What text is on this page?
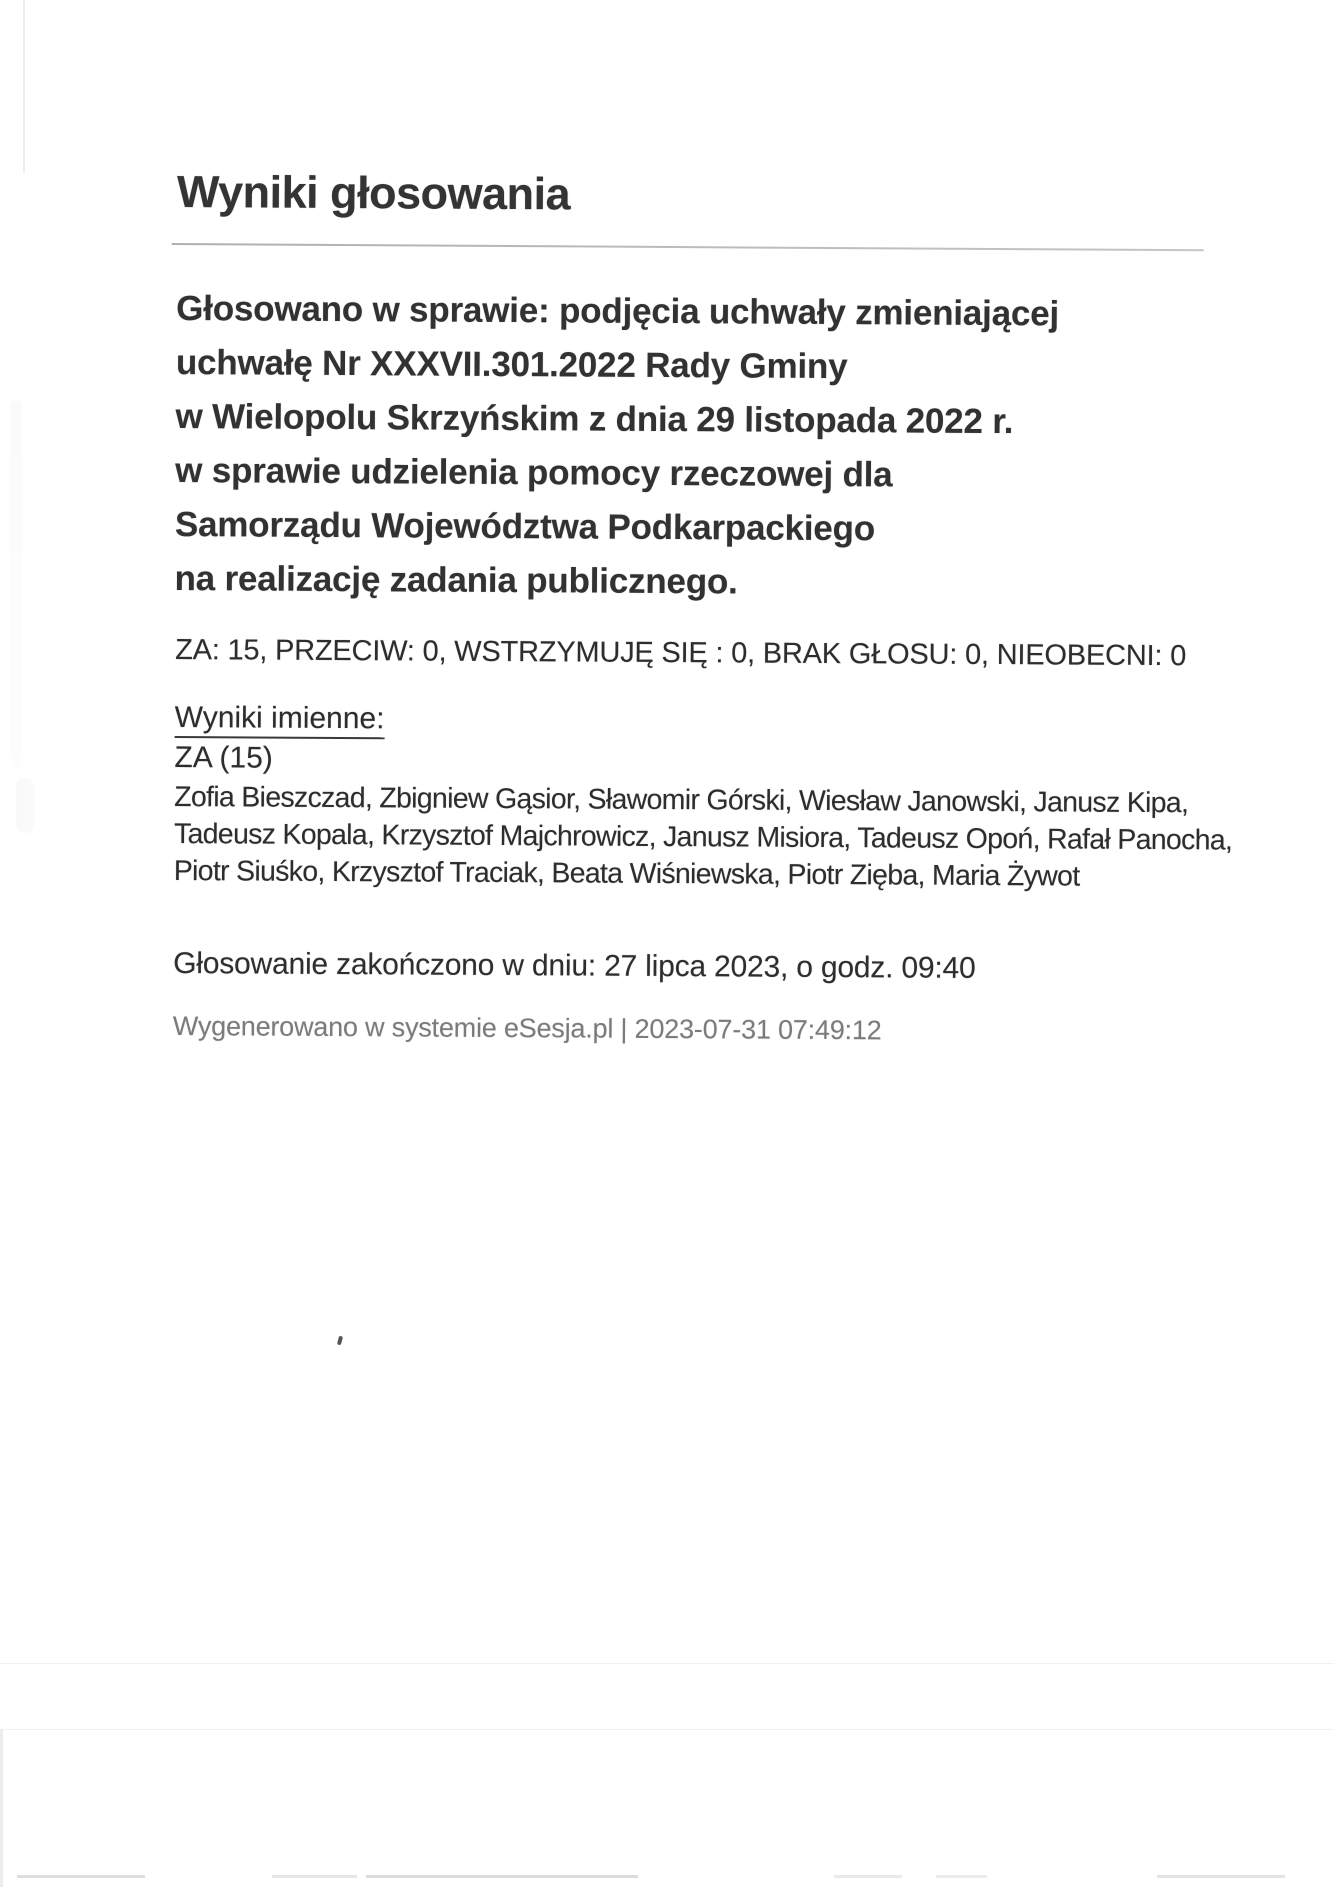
Wyniki głosowania
Głosowano w sprawie: podjęcia uchwały zmieniającej
uchwałę Nr XXXVII.301.2022 Rady Gminy
w Wielopolu Skrzyńskim z dnia 29 listopada 2022 r.
w sprawie udzielenia pomocy rzeczowej dla
Samorządu Województwa Podkarpackiego
na realizację zadania publicznego.
ZA: 15, PRZECIW: 0, WSTRZYMUJĘ SIĘ : 0, BRAK GŁOSU: 0, NIEOBECNI: 0
Wyniki imienne:
ZA (15)
Zofia Bieszczad, Zbigniew Gąsior, Sławomir Górski, Wiesław Janowski, Janusz Kipa,
Tadeusz Kopala, Krzysztof Majchrowicz, Janusz Misiora, Tadeusz Opoń, Rafał Panocha,
Piotr Siuśko, Krzysztof Traciak, Beata Wiśniewska, Piotr Zięba, Maria Żywot
Głosowanie zakończono w dniu: 27 lipca 2023, o godz. 09:40
Wygenerowano w systemie eSesja.pl | 2023-07-31 07:49:12
